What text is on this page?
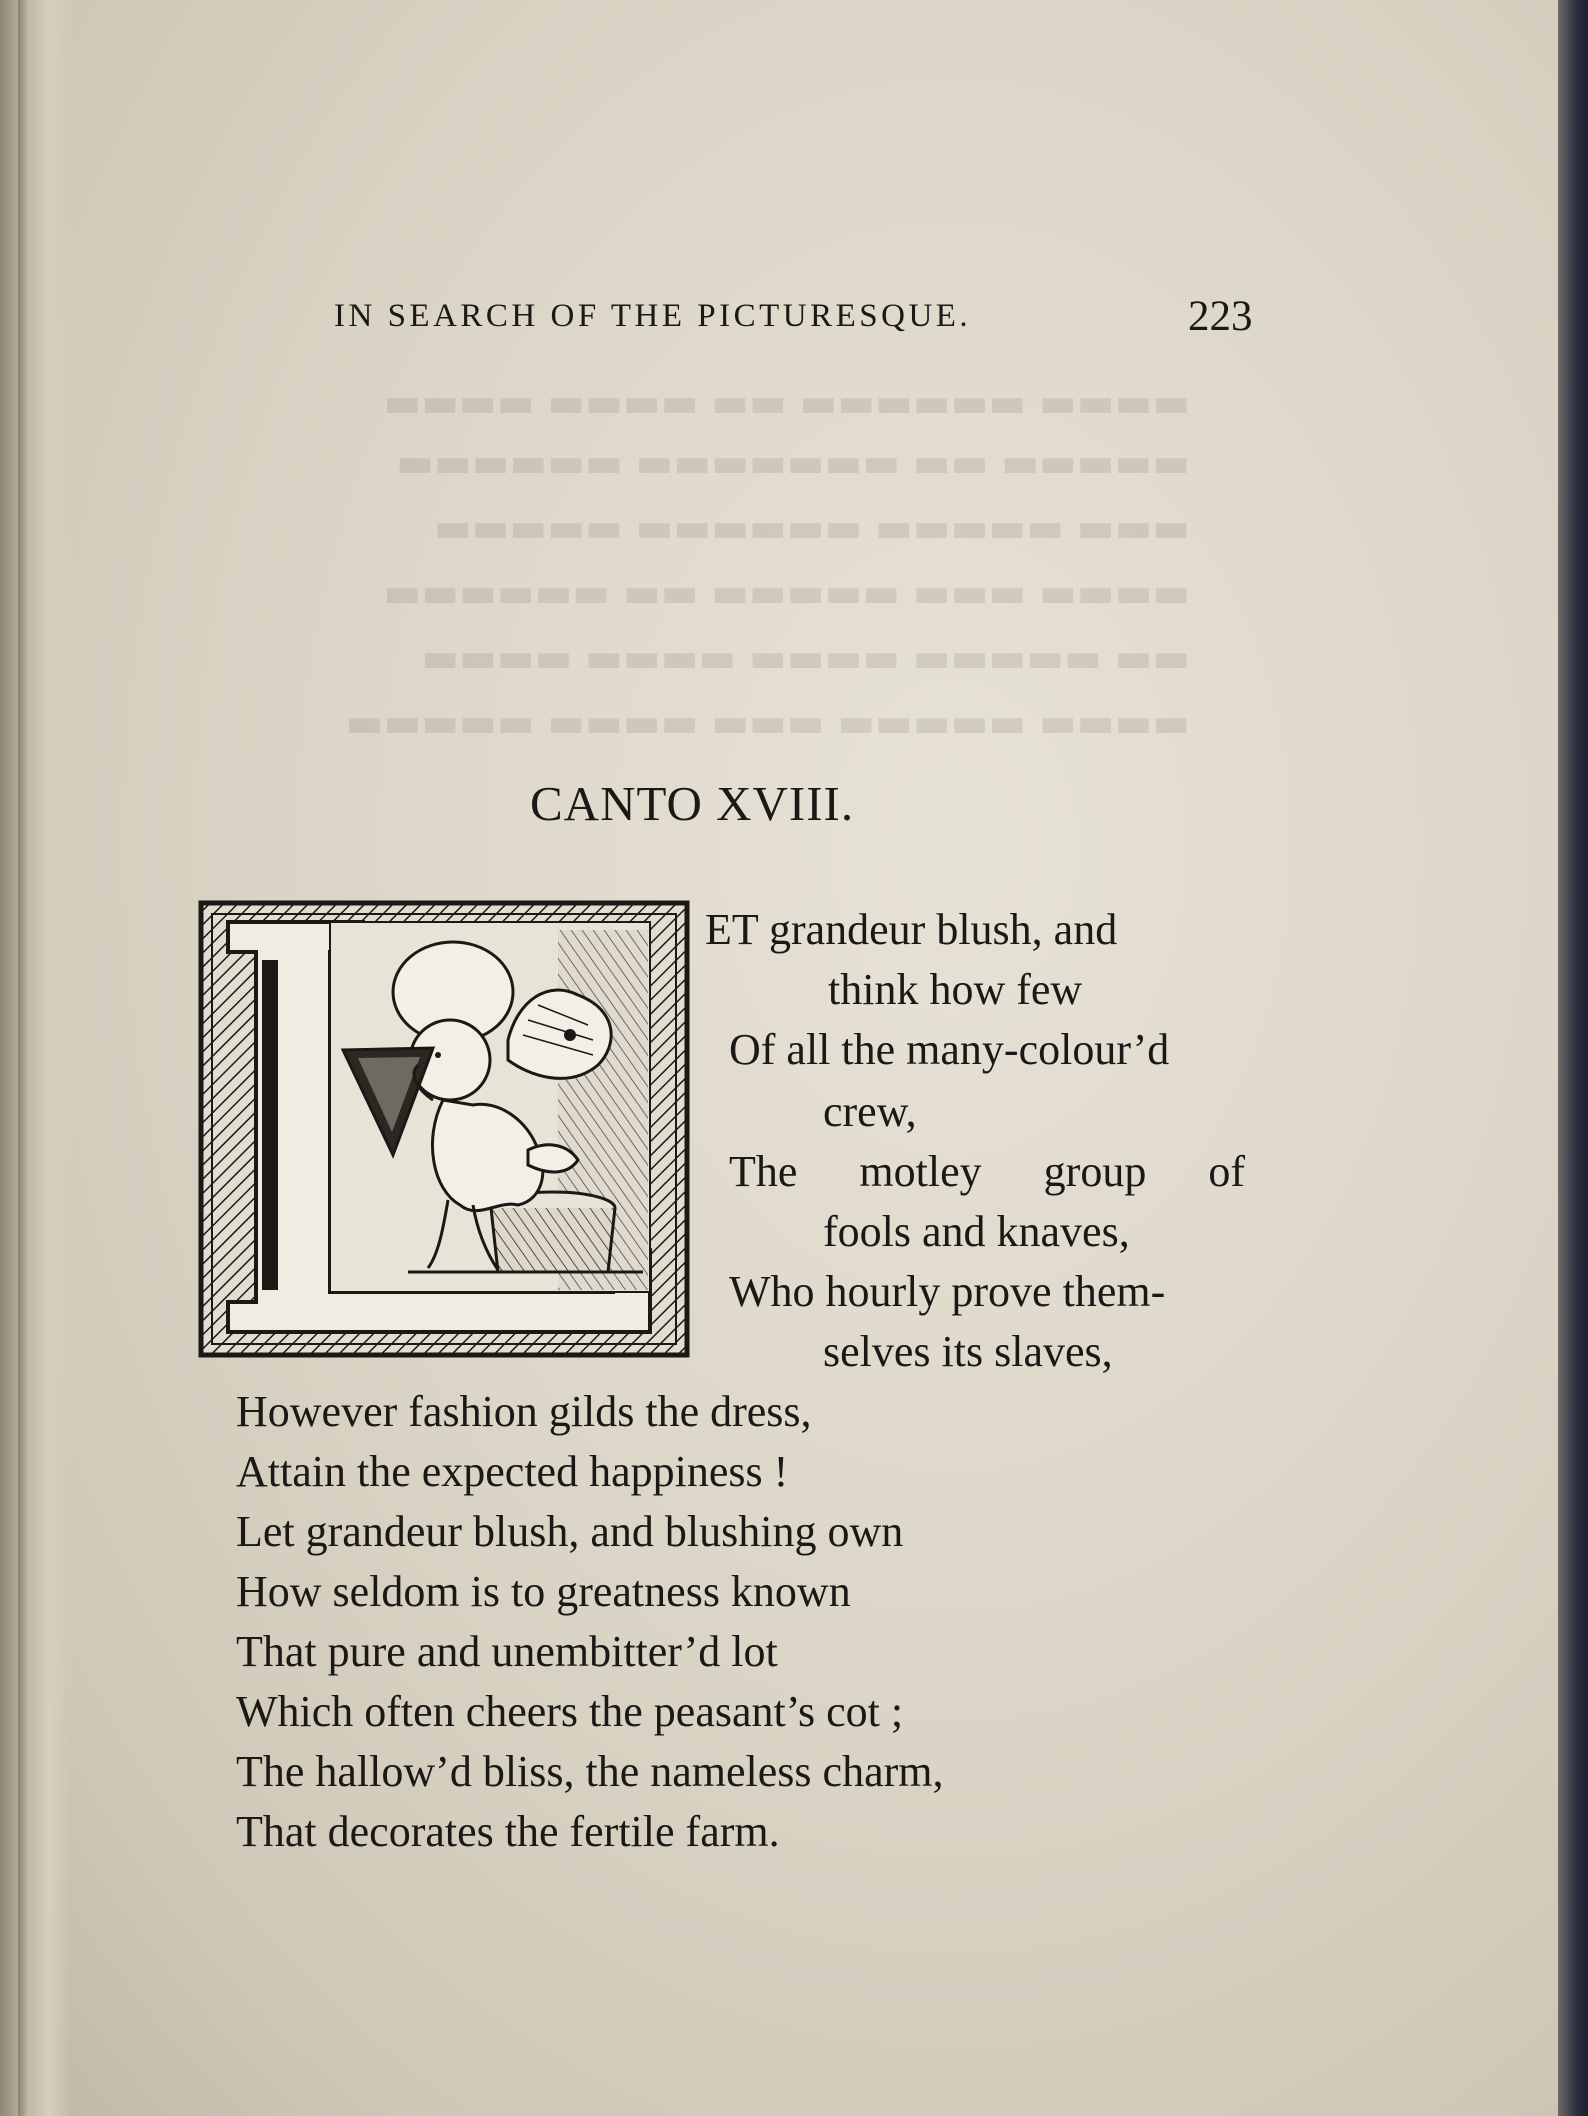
▬▬▬▬ ▬▬▬▬▬▬ ▬▬ ▬▬▬▬ ▬▬▬▬
▬▬▬▬▬ ▬▬ ▬▬▬▬▬▬▬ ▬▬▬▬▬▬
▬▬▬ ▬▬▬▬▬ ▬▬▬▬▬▬ ▬▬▬▬▬
▬▬▬▬ ▬▬▬ ▬▬▬▬▬ ▬▬ ▬▬▬▬▬▬
▬▬ ▬▬▬▬▬ ▬▬▬▬ ▬▬▬▬ ▬▬▬▬
▬▬▬▬ ▬▬▬▬▬ ▬▬▬ ▬▬▬▬ ▬▬▬▬▬
IN SEARCH OF THE PICTURESQUE.	223
CANTO XVIII.
ET grandeur blush, and
think how few
Of all the many-colour’d
crew,
The motley group of
fools and knaves,
Who hourly prove them-
selves its slaves,
However fashion gilds the dress,
Attain the expected happiness !
Let grandeur blush, and blushing own
How seldom is to greatness known
That pure and unembitter’d lot
Which often cheers the peasant’s cot ;
The hallow’d bliss, the nameless charm,
That decorates the fertile farm.
